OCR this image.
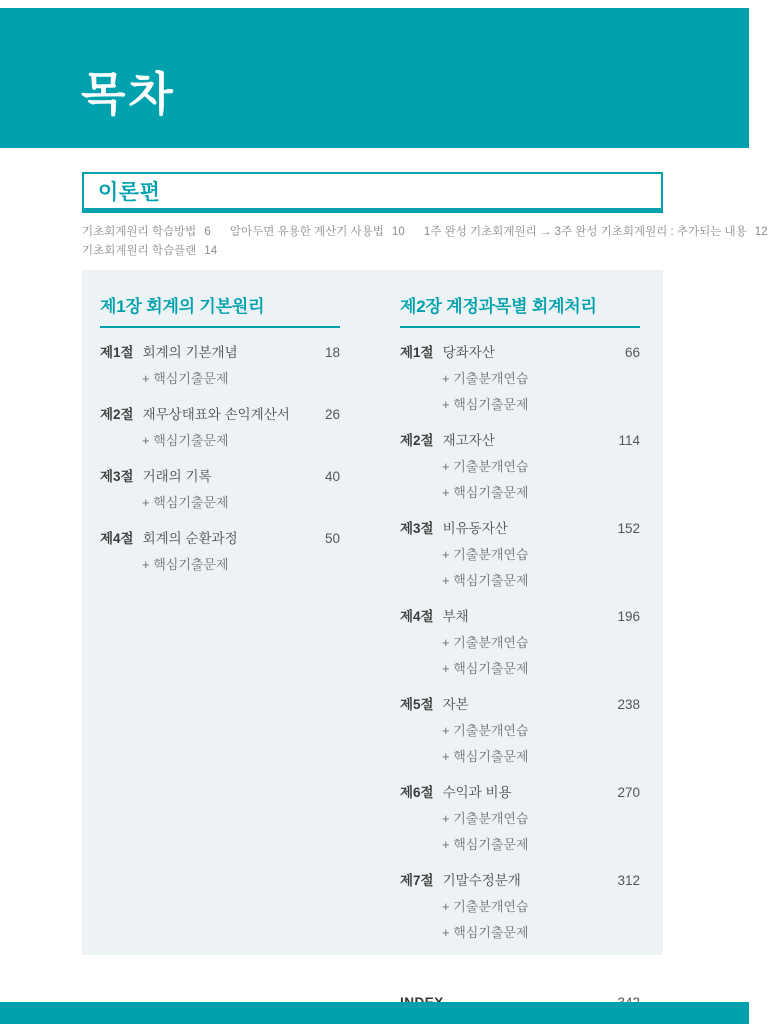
목차
이론편
기초회계원리 학습방법 6 알아두면 유용한 계산기 사용법 10 1주 완성 기초회계원리 → 3주 완성 기초회계원리 : 추가되는 내용 12
기초회계원리 학습플랜 14
제1장 회계의 기본원리
제1절 회계의 기본개념	18
+ 핵심기출문제
제2절 재무상태표와 손익계산서	26
+ 핵심기출문제
제3절 거래의 기록	40
+ 핵심기출문제
제4절 회계의 순환과정	50
+ 핵심기출문제
제2장 계정과목별 회계처리
제1절 당좌자산	66
+ 기출분개연습
+ 핵심기출문제
제2절 재고자산	114
+ 기출분개연습
+ 핵심기출문제
제3절 비유동자산	152
+ 기출분개연습
+ 핵심기출문제
제4절 부채	196
+ 기출분개연습
+ 핵심기출문제
제5절 자본	238
+ 기출분개연습
+ 핵심기출문제
제6절 수익과 비용	270
+ 기출분개연습
+ 핵심기출문제
제7절 기말수정분개	312
+ 기출분개연습
+ 핵심기출문제
